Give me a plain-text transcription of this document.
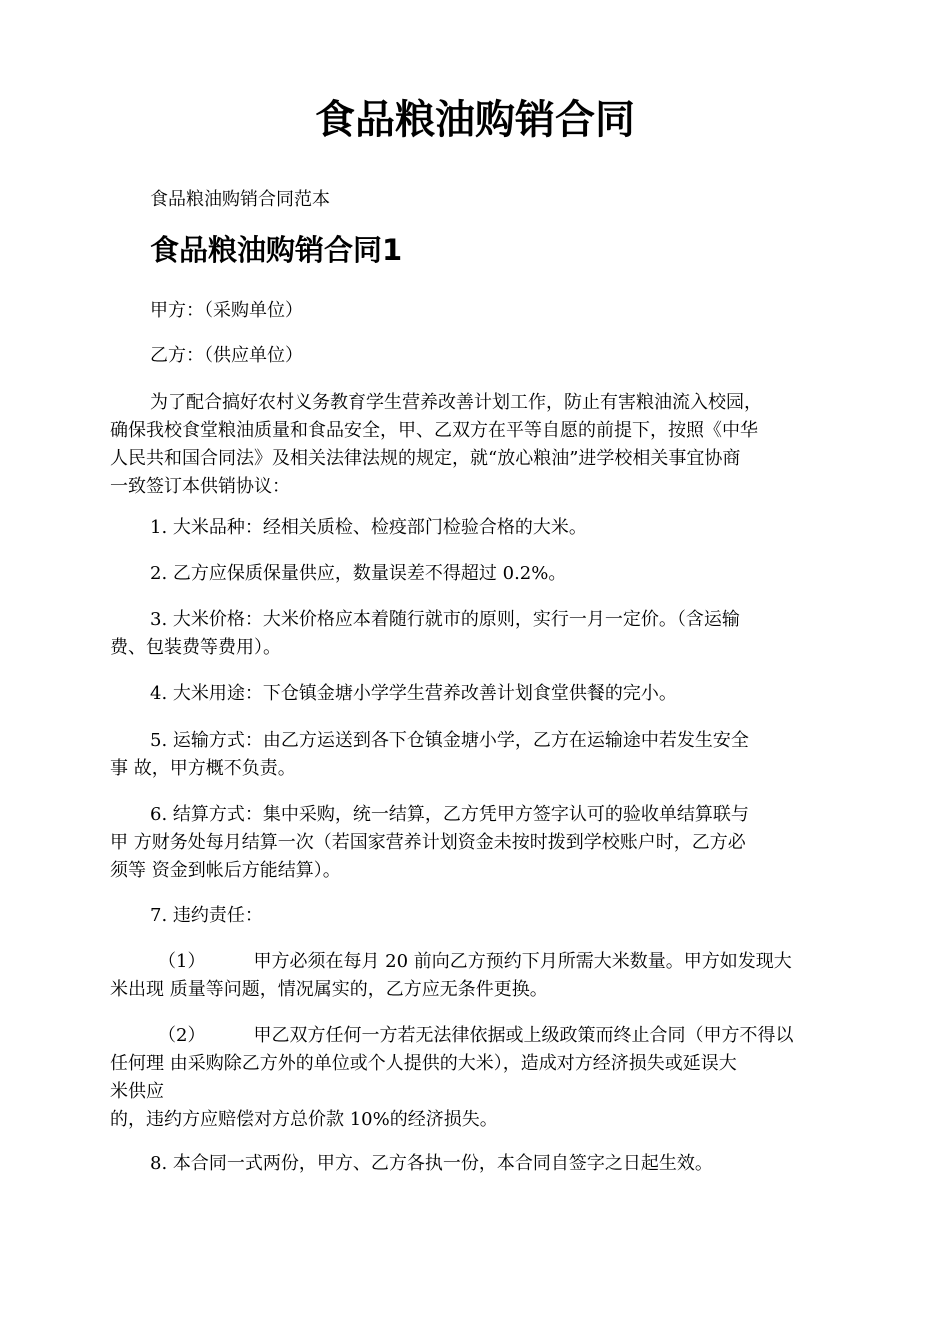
食品粮油购销合同
食品粮油购销合同范本
食品粮油购销合同1

甲方：（采购单位）

乙方：（供应单位）

为了配合搞好农村义务教育学生营养改善计划工作，防止有害粮油流入校园，
确保我校食堂粮油质量和食品安全，甲、乙双方在平等自愿的前提下，按照《中华
人民共和国合同法》及相关法律法规的规定，就“放心粮油”进学校相关事宜协商
一致签订本供销协议：

1. 大米品种：经相关质检、检疫部门检验合格的大米。

2. 乙方应保质保量供应，数量误差不得超过 0.2%。

3. 大米价格：大米价格应本着随行就市的原则，实行一月一定价。（含运输
费、包装费等费用）。

4. 大米用途：下仓镇金塘小学学生营养改善计划食堂供餐的完小。

5. 运输方式：由乙方运送到各下仓镇金塘小学，乙方在运输途中若发生安全
事 故，甲方概不负责。

6. 结算方式：集中采购，统一结算，乙方凭甲方签字认可的验收单结算联与
甲 方财务处每月结算一次（若国家营养计划资金未按时拨到学校账户时，乙方必
须等 资金到帐后方能结算）。

7. 违约责任：

（1）	甲方必须在每月 20 前向乙方预约下月所需大米数量。甲方如发现大
米出现 质量等问题，情况属实的，乙方应无条件更换。

（2）	甲乙双方任何一方若无法律依据或上级政策而终止合同（甲方不得以
任何理 由采购除乙方外的单位或个人提供的大米），造成对方经济损失或延误大
米供应
的，违约方应赔偿对方总价款 10%的经济损失。

8. 本合同一式两份，甲方、乙方各执一份，本合同自签字之日起生效。
